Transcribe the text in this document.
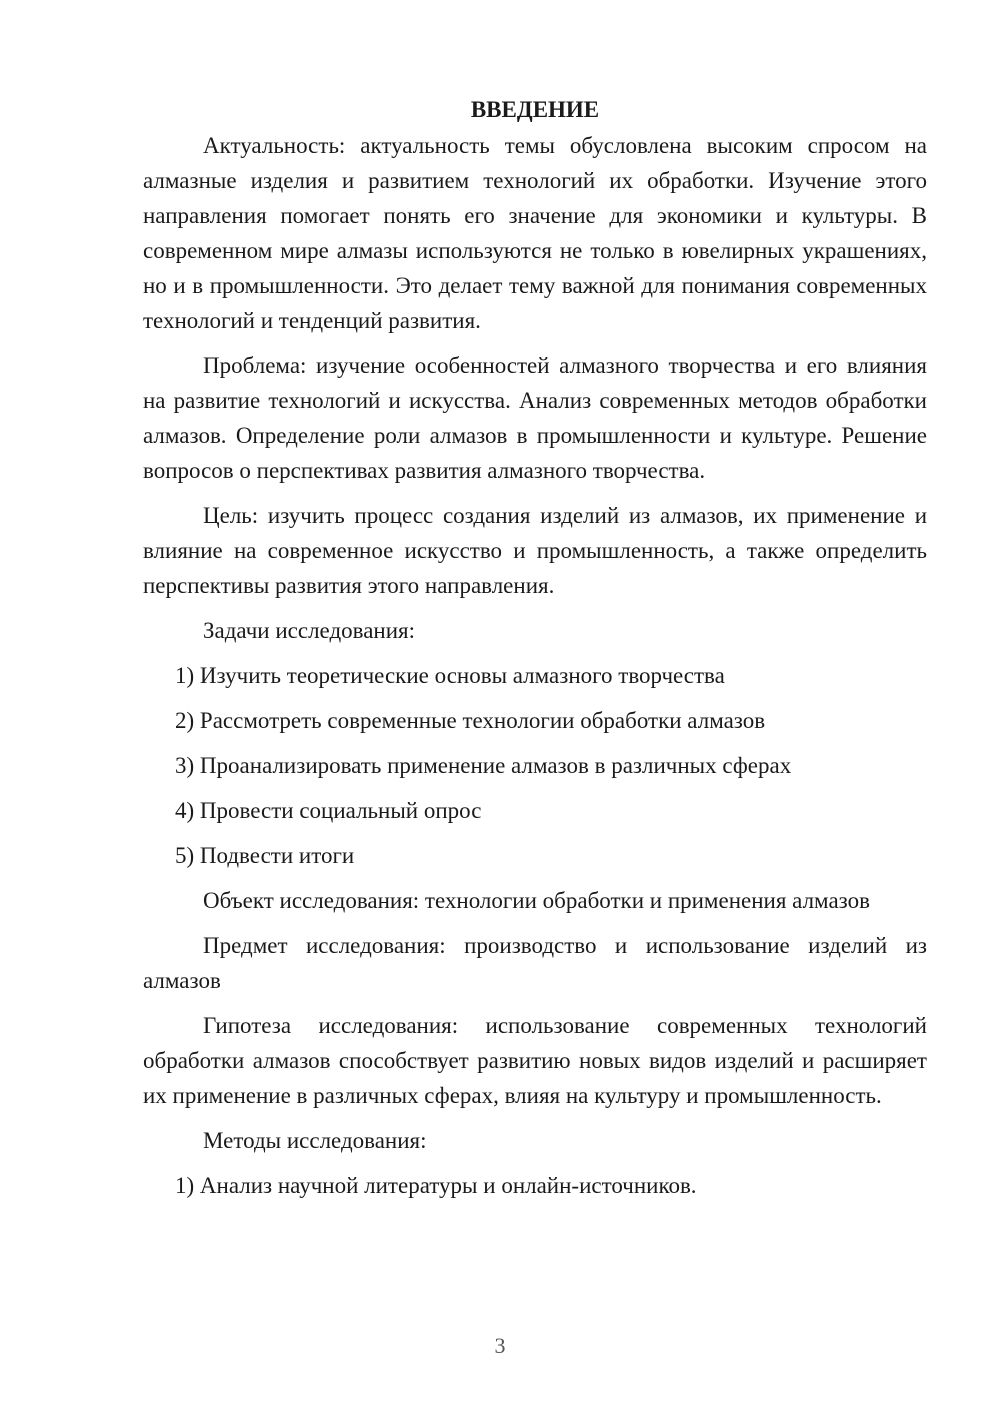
ВВЕДЕНИЕ

Актуальность: актуальность темы обусловлена высоким спросом на алмазные изделия и развитием технологий их обработки. Изучение этого направления помогает понять его значение для экономики и культуры. В современном мире алмазы используются не только в ювелирных украшениях, но и в промышленности. Это делает тему важной для понимания современных технологий и тенденций развития.

Проблема: изучение особенностей алмазного творчества и его влияния на развитие технологий и искусства. Анализ современных методов обработки алмазов. Определение роли алмазов в промышленности и культуре. Решение вопросов о перспективах развития алмазного творчества.

Цель: изучить процесс создания изделий из алмазов, их применение и влияние на современное искусство и промышленность, а также определить перспективы развития этого направления.

Задачи исследования:

1) Изучить теоретические основы алмазного творчества
2) Рассмотреть современные технологии обработки алмазов
3) Проанализировать применение алмазов в различных сферах
4) Провести социальный опрос
5) Подвести итоги

Объект исследования: технологии обработки и применения алмазов

Предмет исследования: производство и использование изделий из алмазов

Гипотеза исследования: использование современных технологий обработки алмазов способствует развитию новых видов изделий и расширяет их применение в различных сферах, влияя на культуру и промышленность.

Методы исследования:

1) Анализ научной литературы и онлайн-источников.
3
